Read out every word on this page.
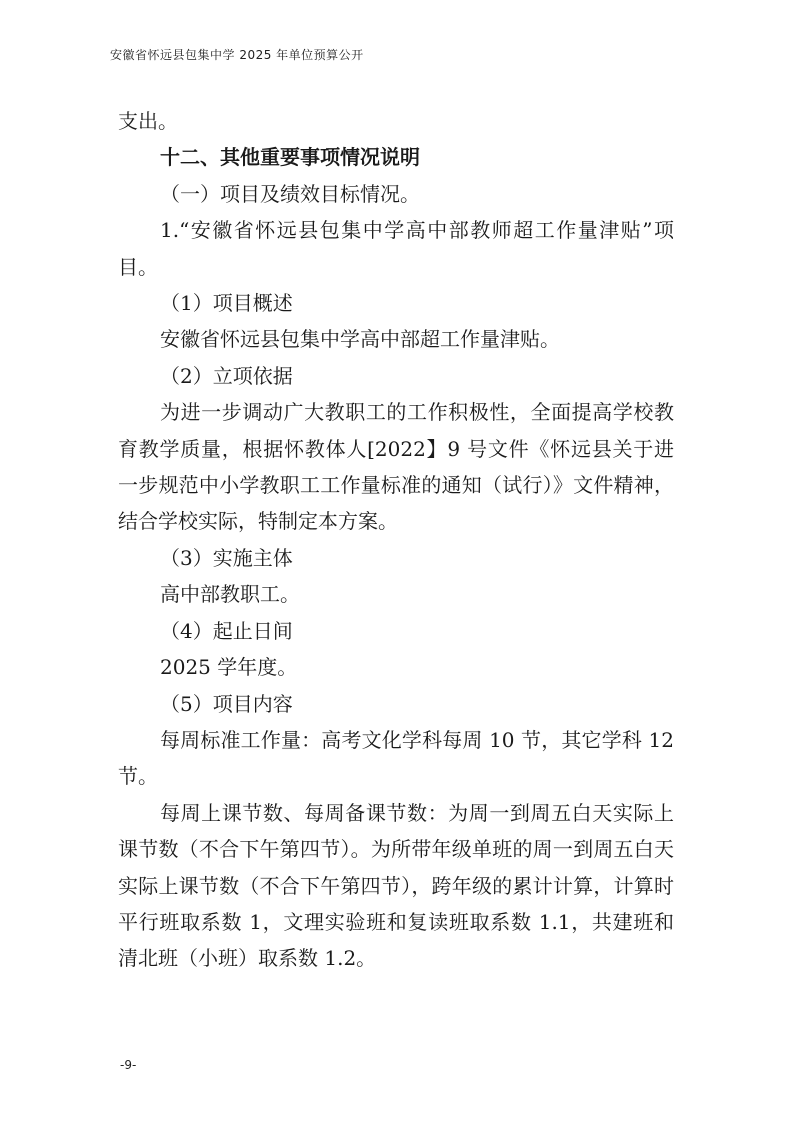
安徽省怀远县包集中学 2025 年单位预算公开

支出。

十二、其他重要事项情况说明

（一）项目及绩效目标情况。

1.“安徽省怀远县包集中学高中部教师超工作量津贴”项目。

（1）项目概述

安徽省怀远县包集中学高中部超工作量津贴。

（2）立项依据

为进一步调动广大教职工的工作积极性，全面提高学校教育教学质量，根据怀教体人[2022】9 号文件《怀远县关于进一步规范中小学教职工工作量标准的通知（试行）》文件精神，结合学校实际，特制定本方案。

（3）实施主体

高中部教职工。

（4）起止日间

2025 学年度。

（5）项目内容

每周标准工作量：高考文化学科每周 10 节，其它学科 12 节。

每周上课节数、每周备课节数：为周一到周五白天实际上课节数（不合下午第四节）。为所带年级单班的周一到周五白天实际上课节数（不合下午第四节），跨年级的累计计算，计算时平行班取系数 1，文理实验班和复读班取系数 1.1，共建班和清北班（小班）取系数 1.2。

-9-
